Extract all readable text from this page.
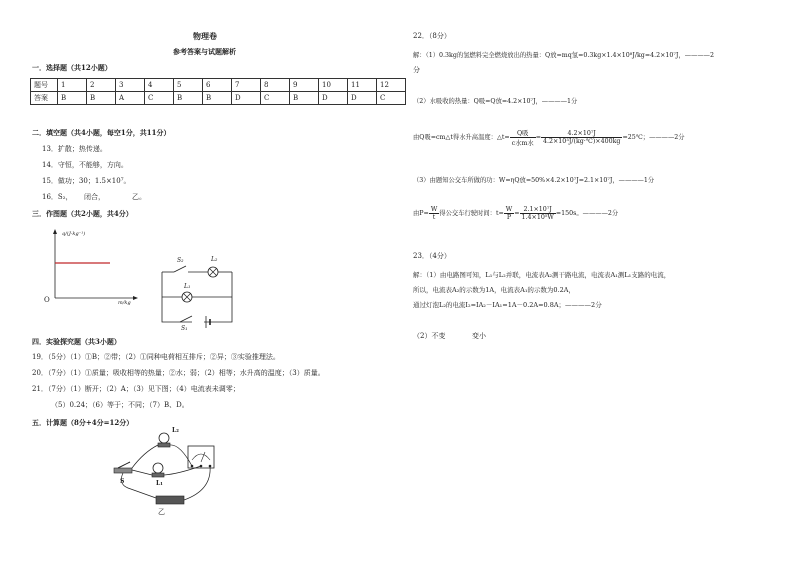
物理卷
参考答案与试题解析
一．选择题（共12小题）
题号	1	2	3	4	5	6	7	8	9	10	11	12
答案	B	B	A	C	B	B	D	C	B	D	D	C
二．填空题（共4小题，每空1分，共11分）
13．扩散；热传递。
14．守恒，不能够，方向。
15．做功；30；1.5×10⁷。
16．S₂， 闭合，	乙。
三．作图题（共2小题，共4分）
q/(J·kg⁻¹)
O	m/kg
S₂	L₂
L₁
S₁
四．实验探究题（共3小题）
19．（5分）（1）①B；②带；（2）①同种电荷相互排斥；②异；③实验推理法。
20．（7分）（1）①质量；吸收相等的热量；②水；弱；（2）相等；水升高的温度；（3）质量。
21．（7分）（1）断开；（2）A；（3）见下图；（4）电流表未调零；
（5）0.24；（6）等于；不同；（7）B、D。
五．计算题（8分+4分=12分）
L₂
L₁
S
乙
22．（8分）
解：（1）0.3kg的氢燃料完全燃烧放出的热量：Q放=mq氢=0.3kg×1.4×10⁸J/kg=4.2×10⁷J，————2
分
（2）水吸收的热量：Q吸=Q放=4.2×10⁷J，————1分
由Q吸=cm△t得水升高温度：△t= $\frac{\text{Q吸}}{\text{c水m水}} = \frac{\text{4.2×10⁷J}}{\text{4.2×10³J/(kg·℃)×400kg}}$ =25℃；————2分
（3）由题知公交车所做的功：W=ηQ放=50%×4.2×10⁷J=2.1×10⁷J，————1分
由$P= \frac{W}{t}$ 得公交车行驶时间：$t= \frac{W}{P} = \frac{\text{2.1×10⁷J}}{\text{1.4×10⁵W}} =150s$。————2分
23．（4分）
解：（1）由电路图可知，L₁与L₂并联，电流表A₂测干路电流，电流表A₁测L₁支路的电流，
所以，电流表A₂的示数为1A，电流表A₁的示数为0.2A，
通过灯泡L₂的电流I₂=IA₂－IA₁=1A－0.2A=0.8A；————2分
（2）不变	变小
